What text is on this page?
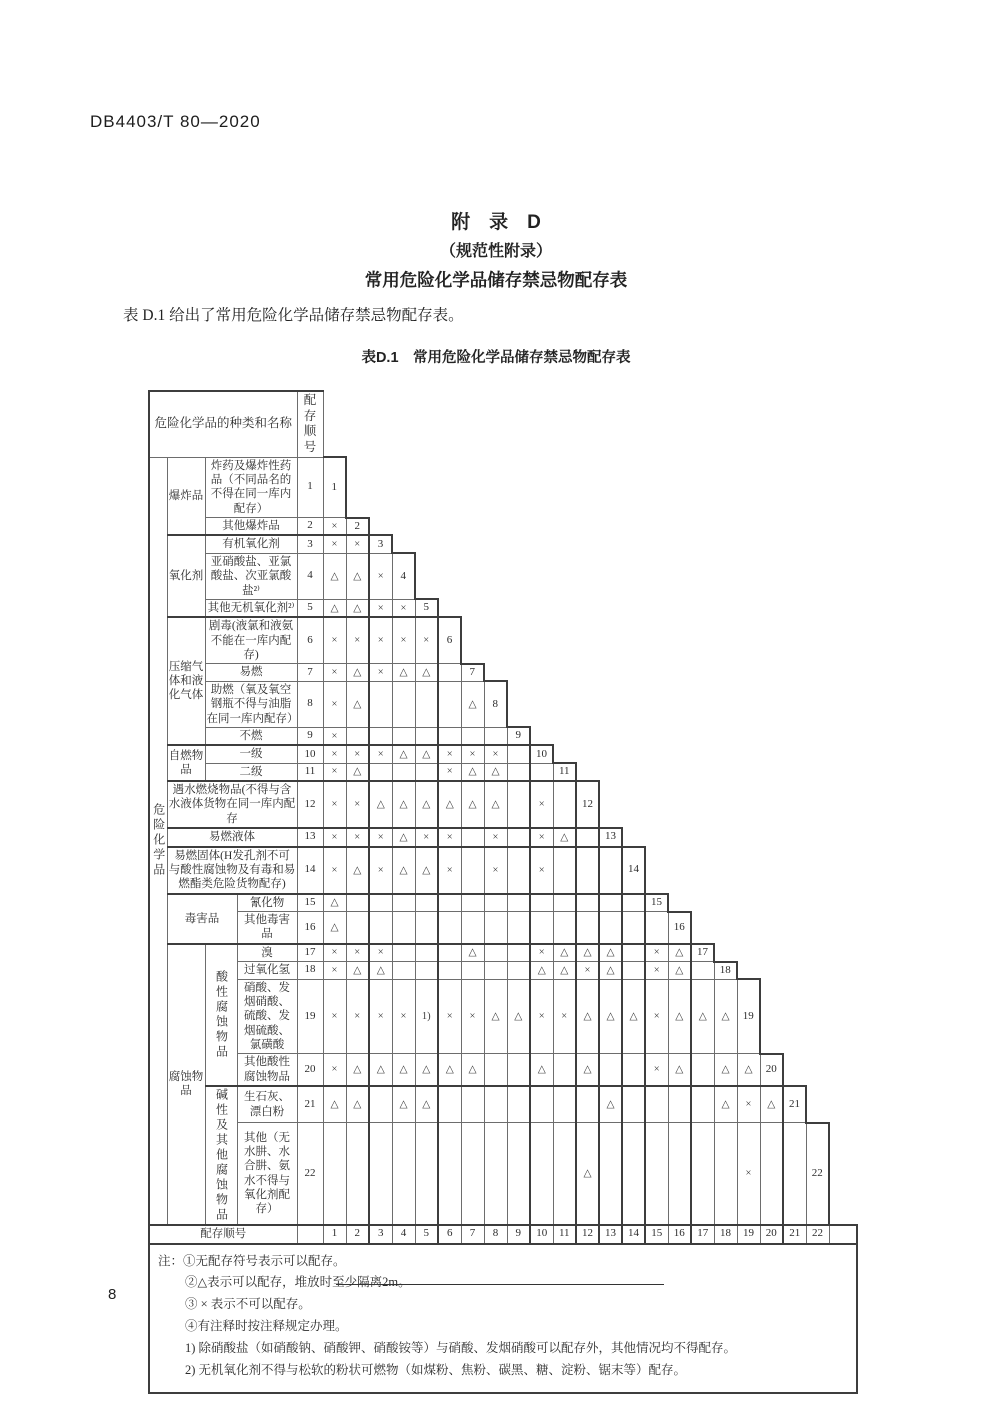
DB4403/T 80—2020
附　录　D
（规范性附录）
常用危险化学品储存禁忌物配存表

表 D.1 给出了常用危险化学品储存禁忌物配存表。

表D.1　常用危险化学品储存禁忌物配存表
危险化学品的种类和名称				配存顺号																							
危险化学品	爆炸品	炸药及爆炸性药品（不同品名的不得在同一库内配存）		1	1																						
		其他爆炸品		2	×	2																					
	氧化剂	有机氧化剂		3	×	×	3																				
		亚硝酸盐、亚氯酸盐、次亚氯酸盐²⁾		4	△	△	×	4																			
		其他无机氧化剂²⁾		5	△	△	×	×	5																		
	压缩气体和液化气体	剧毒(液氯和液氨不能在一库内配存)		6	×	×	×	×	×	6																	
		易燃		7	×	△	×	△	△		7																
		助燃（氧及氧空钢瓶不得与油脂在同一库内配存）		8	×	△					△	8															
		不燃		9	×								9														
	自燃物品	一级		10	×	×	×	△	△	×	×	×		10													
		二级		11	×	△				×	△	△			11												
	遇水燃烧物品(不得与含水液体货物在同一库内配存			12	×	×	△	△	△	△	△	△		×		12											
	易燃液体			13	×	×	×	△	×	×		×		×	△		13										
	易燃固体(H发孔剂不可与酸性腐蚀物及有毒和易燃酯类危险货物配存)			14	×	△	×	△	△	×		×		×				14									
	毒害品		氰化物	15	△														15								
			其他毒害品	16	△															16							
	腐蚀物品	酸性腐蚀物品	溴	17	×	×	×				△			×	△	△	△		×	△	17						
			过氧化氢	18	×	△	△							△	△	×	△		×	△		18					
			硝酸、发烟硝酸、硫酸、发烟硫酸、氯磺酸	19	×	×	×	×	1)	×	×	△	△	×	×	△	△	△	×	△	△	△	19				
			其他酸性腐蚀物品	20	×	△	△	△	△	△	△			△		△			×	△		△	△	20			
		碱性及其他腐蚀物品	生石灰、漂白粉	21	△	△		△	△								△					△	×	△	21		
			其他（无水肼、水合肼、氨水不得与氧化剂配存）	22												△							×			22	
配存顺号					1	2	3	4	5	6	7	8	9	10	11	12	13	14	15	16	17	18	19	20	21	22	

注：①无配存符号表示可以配存。
②△表示可以配存，堆放时至少隔离2m。
③ × 表示不可以配存。
④有注释时按注释规定办理。
1) 除硝酸盐（如硝酸钠、硝酸钾、硝酸铵等）与硝酸、发烟硝酸可以配存外，其他情况均不得配存。
2) 无机氧化剂不得与松软的粉状可燃物（如煤粉、焦粉、碳黑、糖、淀粉、锯末等）配存。
8
